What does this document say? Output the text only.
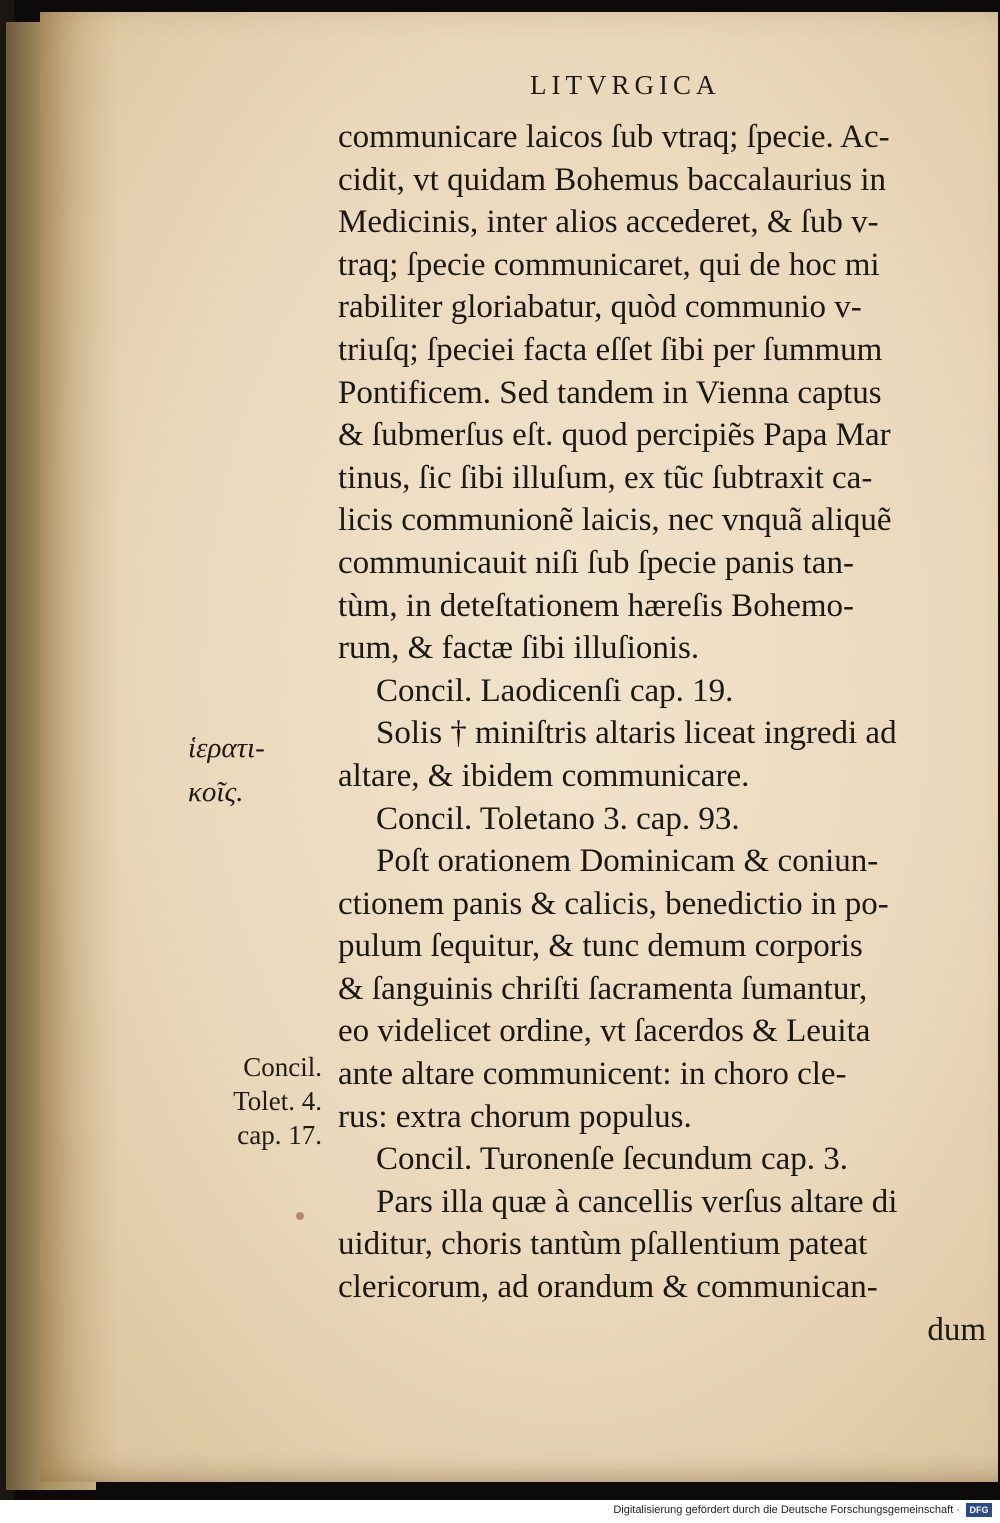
LITVRGICA
communicare laicos ſub vtraq; ſpecie. Ac-
cidit, vt quidam Bohemus baccalaurius in
Medicinis, inter alios accederet, & ſub v-
traq; ſpecie communicaret, qui de hoc mi
rabiliter gloriabatur, quòd communio v-
triuſq; ſpeciei facta eſſet ſibi per ſummum
Pontificem. Sed tandem in Vienna captus
& ſubmerſus eſt. quod percipiẽs Papa Mar
tinus, ſic ſibi illuſum, ex tũc ſubtraxit ca-
licis communionẽ laicis, nec vnquã aliquẽ
communicauit niſi ſub ſpecie panis tan-
tùm, in deteſtationem hæreſis Bohemo-
rum, & factæ ſibi illuſionis.
Concil. Laodicenſi cap. 19.
Solis † miniſtris altaris liceat ingredi ad
altare, & ibidem communicare.
Concil. Toletano 3. cap. 93.
Poſt orationem Dominicam & coniun-
ctionem panis & calicis, benedictio in po-
pulum ſequitur, & tunc demum corporis
& ſanguinis chriſti ſacramenta ſumantur,
eo videlicet ordine, vt ſacerdos & Leuita
ante altare communicent: in choro cle-
rus: extra chorum populus.
Concil. Turonenſe ſecundum cap. 3.
Pars illa quæ à cancellis verſus altare di
uiditur, choris tantùm pſallentium pateat
clericorum, ad orandum & communican-
dum
ἱερατι-
κοῖς.
Concil.
Tolet. 4.
cap. 17.
Digitalisierung gefördert durch die Deutsche Forschungsgemeinschaft ·	DFG
